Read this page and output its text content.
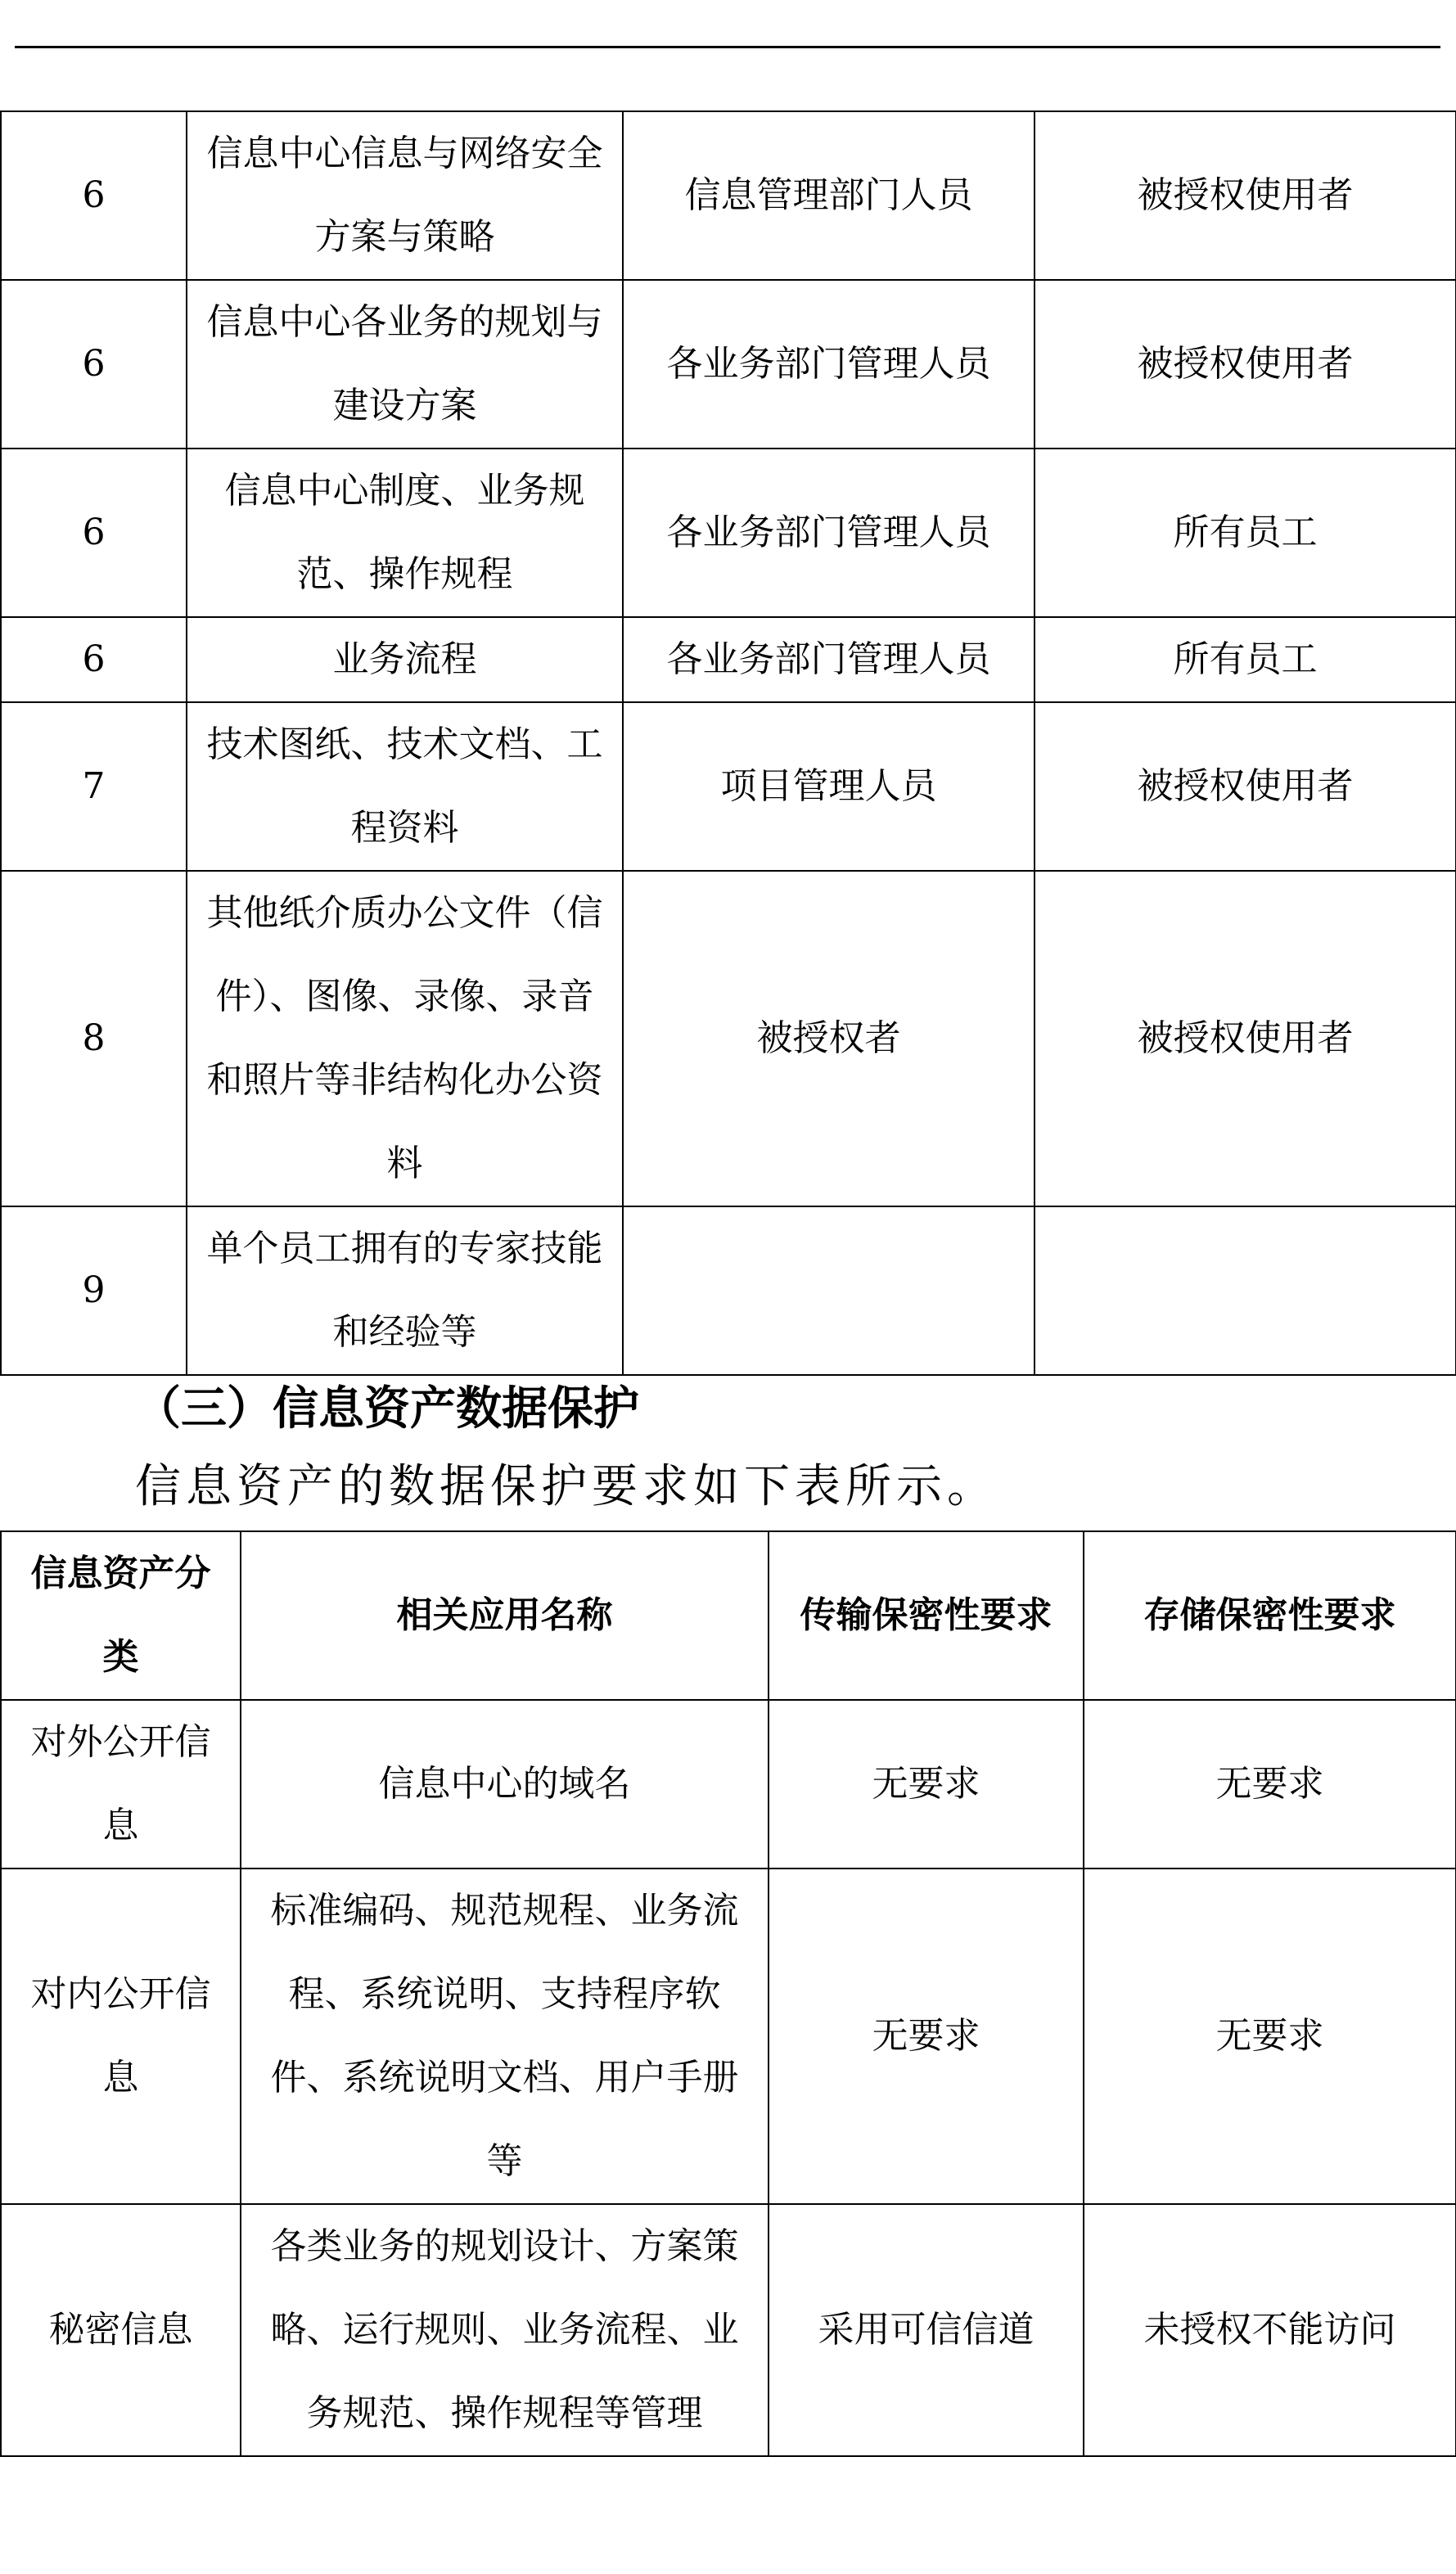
6	信息中心信息与网络安全方案与策略	信息管理部门人员	被授权使用者
6	信息中心各业务的规划与建设方案	各业务部门管理人员	被授权使用者
6	信息中心制度、业务规范、操作规程	各业务部门管理人员	所有员工
6	业务流程	各业务部门管理人员	所有员工
7	技术图纸、技术文档、工程资料	项目管理人员	被授权使用者
8	其他纸介质办公文件（信件）、图像、录像、录音和照片等非结构化办公资料	被授权者	被授权使用者
9	单个员工拥有的专家技能和经验等		
（三）信息资产数据保护
信息资产的数据保护要求如下表所示。
信息资产分类	相关应用名称	传输保密性要求	存储保密性要求
对外公开信息	信息中心的域名	无要求	无要求
对内公开信息	标准编码、规范规程、业务流程、系统说明、支持程序软件、系统说明文档、用户手册等	无要求	无要求
秘密信息	各类业务的规划设计、方案策略、运行规则、业务流程、业务规范、操作规程等管理	采用可信信道	未授权不能访问
